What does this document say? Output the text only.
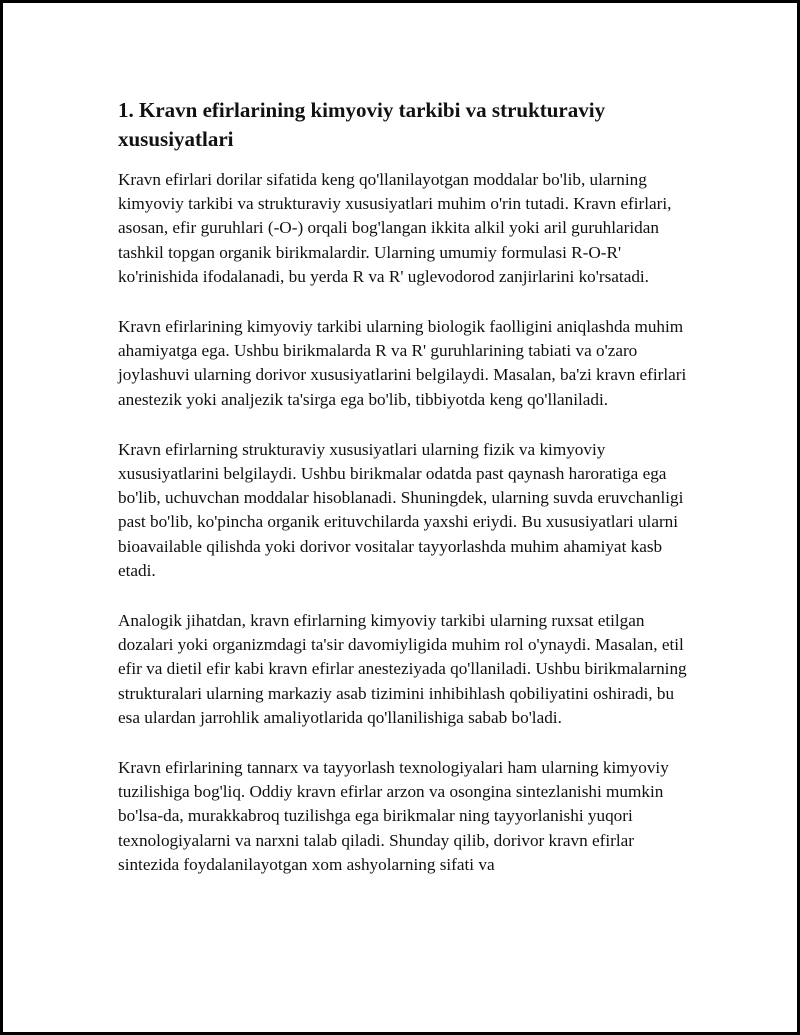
1. Kravn efirlarining kimyoviy tarkibi va strukturaviy xususiyatlari

Kravn efirlari dorilar sifatida keng qo'llanilayotgan moddalar bo'lib, ularning kimyoviy tarkibi va strukturaviy xususiyatlari muhim o'rin tutadi. Kravn efirlari, asosan, efir guruhlari (-O-) orqali bog'langan ikkita alkil yoki aril guruhlaridan tashkil topgan organik birikmalardir. Ularning umumiy formulasi R-O-R' ko'rinishida ifodalanadi, bu yerda R va R' uglevodorod zanjirlarini ko'rsatadi.

Kravn efirlarining kimyoviy tarkibi ularning biologik faolligini aniqlashda muhim ahamiyatga ega. Ushbu birikmalarda R va R' guruhlarining tabiati va o'zaro joylashuvi ularning dorivor xususiyatlarini belgilaydi. Masalan, ba'zi kravn efirlari anestezik yoki analjezik ta'sirga ega bo'lib, tibbiyotda keng qo'llaniladi.

Kravn efirlarning strukturaviy xususiyatlari ularning fizik va kimyoviy xususiyatlarini belgilaydi. Ushbu birikmalar odatda past qaynash haroratiga ega bo'lib, uchuvchan moddalar hisoblanadi. Shuningdek, ularning suvda eruvchanligi past bo'lib, ko'pincha organik erituvchilarda yaxshi eriydi. Bu xususiyatlari ularni bioavailable qilishda yoki dorivor vositalar tayyorlashda muhim ahamiyat kasb etadi.

Analogik jihatdan, kravn efirlarning kimyoviy tarkibi ularning ruxsat etilgan dozalari yoki organizmdagi ta'sir davomiyligida muhim rol o'ynaydi. Masalan, etil efir va dietil efir kabi kravn efirlar anesteziyada qo'llaniladi. Ushbu birikmalarning strukturalari ularning markaziy asab tizimini inhibihlash qobiliyatini oshiradi, bu esa ulardan jarrohlik amaliyotlarida qo'llanilishiga sabab bo'ladi.

Kravn efirlarining tannarx va tayyorlash texnologiyalari ham ularning kimyoviy tuzilishiga bog'liq. Oddiy kravn efirlar arzon va osongina sintezlanishi mumkin bo'lsa-da, murakkabroq tuzilishga ega birikmalar ning tayyorlanishi yuqori texnologiyalarni va narxni talab qiladi. Shunday qilib, dorivor kravn efirlar sintezida foydalanilayotgan xom ashyolarning sifati va
